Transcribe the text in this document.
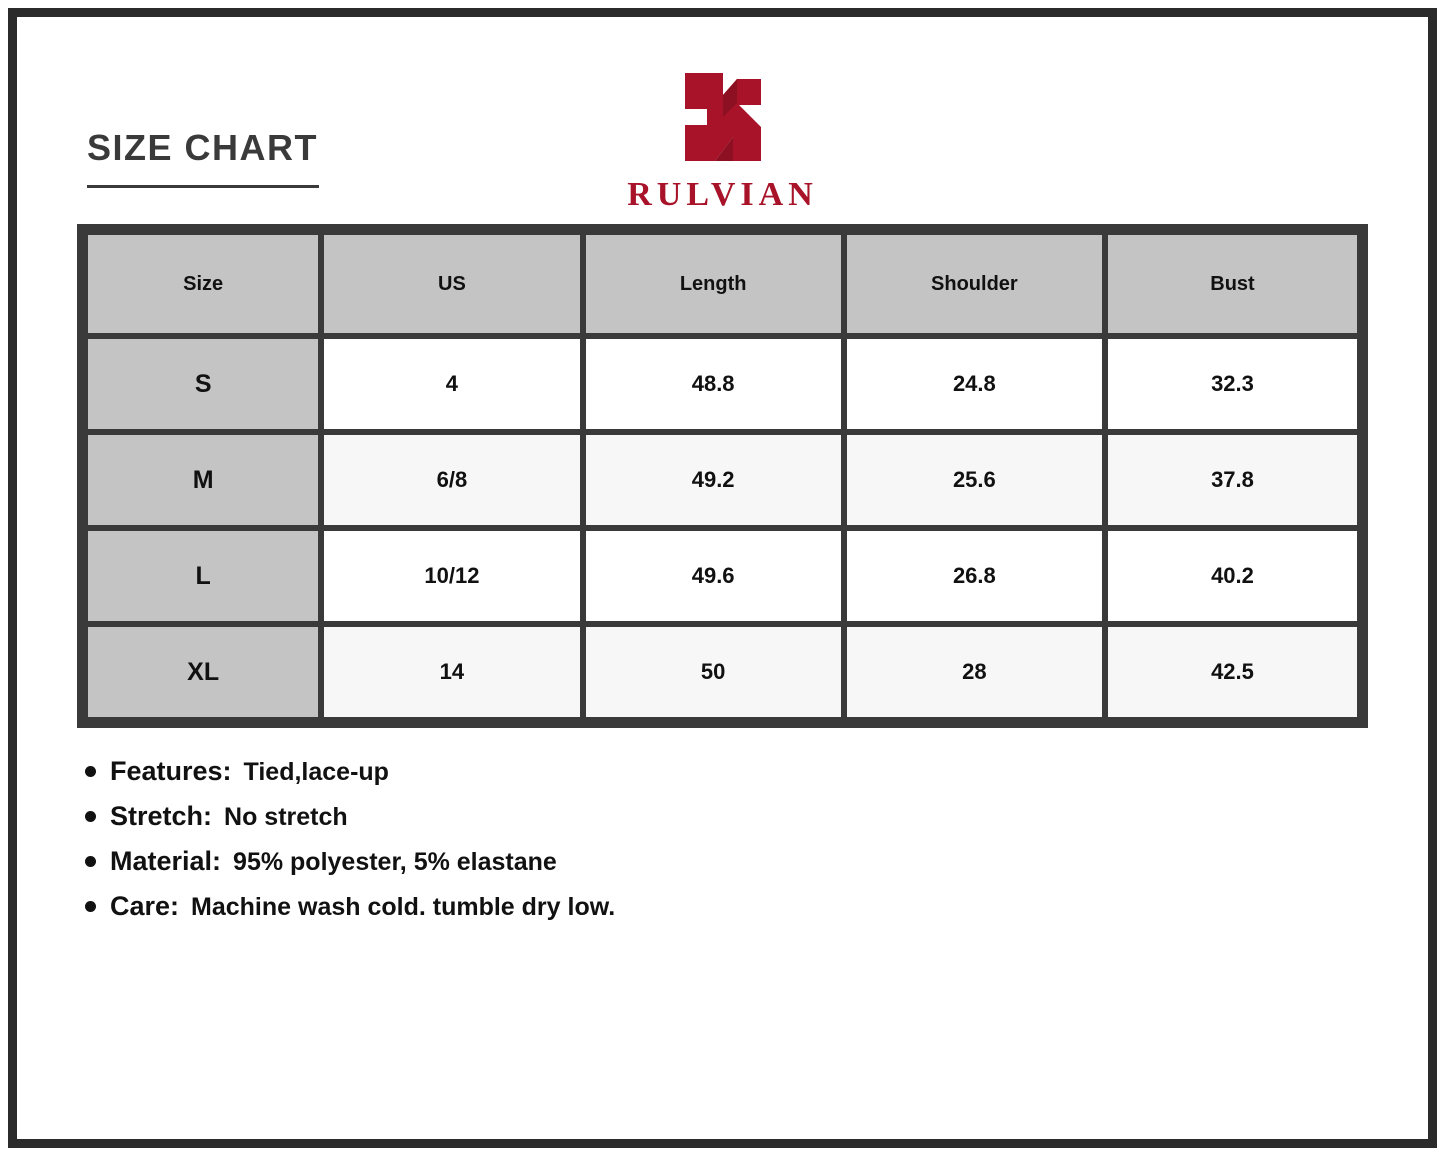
SIZE CHART
RULVIAN
Size	US	Length	Shoulder	Bust
S	4	48.8	24.8	32.3
M	6/8	49.2	25.6	37.8
L	10/12	49.6	26.8	40.2
XL	14	50	28	42.5
Features: Tied,lace-up
Stretch: No stretch
Material: 95% polyester, 5% elastane
Care: Machine wash cold. tumble dry low.
